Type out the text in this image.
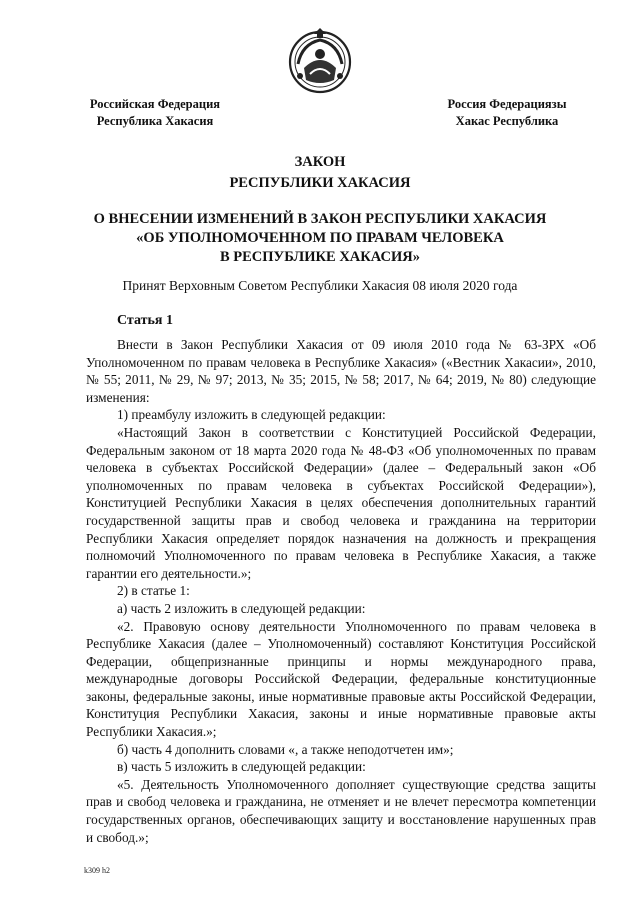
Российская Федерация
Республика Хакасия
Россия Федерациязы
Хакас Республика
ЗАКОН
РЕСПУБЛИКИ ХАКАСИЯ
О ВНЕСЕНИИ ИЗМЕНЕНИЙ В ЗАКОН РЕСПУБЛИКИ ХАКАСИЯ
«ОБ УПОЛНОМОЧЕННОМ ПО ПРАВАМ ЧЕЛОВЕКА
В РЕСПУБЛИКЕ ХАКАСИЯ»
Принят Верховным Советом Республики Хакасия 08 июля 2020 года
Статья 1

Внести в Закон Республики Хакасия от 09 июля 2010 года № 63-ЗРХ «Об Уполномоченном по правам человека в Республике Хакасия» («Вестник Хакасии», 2010, № 55; 2011, № 29, № 97; 2013, № 35; 2015, № 58; 2017, № 64; 2019, № 80) следующие изменения:

1) преамбулу изложить в следующей редакции:

«Настоящий Закон в соответствии с Конституцией Российской Федерации, Федеральным законом от 18 марта 2020 года № 48-ФЗ «Об уполномоченных по правам человека в субъектах Российской Федерации» (далее – Федеральный закон «Об уполномоченных по правам человека в субъектах Российской Федерации»), Конституцией Республики Хакасия в целях обеспечения дополнительных гарантий государственной защиты прав и свобод человека и гражданина на территории Республики Хакасия определяет порядок назначения на должность и прекращения полномочий Уполномоченного по правам человека в Республике Хакасия, а также гарантии его деятельности.»;

2) в статье 1:

а) часть 2 изложить в следующей редакции:

«2. Правовую основу деятельности Уполномоченного по правам человека в Республике Хакасия (далее – Уполномоченный) составляют Конституция Российской Федерации, общепризнанные принципы и нормы международного права, международные договоры Российской Федерации, федеральные конституционные законы, федеральные законы, иные нормативные правовые акты Российской Федерации, Конституция Республики Хакасия, законы и иные нормативные правовые акты Республики Хакасия.»;

б) часть 4 дополнить словами «, а также неподотчетен им»;

в) часть 5 изложить в следующей редакции:

«5. Деятельность Уполномоченного дополняет существующие средства защиты прав и свобод человека и гражданина, не отменяет и не влечет пересмотра компетенции государственных органов, обеспечивающих защиту и восстановление нарушенных прав и свобод.»;

k309 h2
